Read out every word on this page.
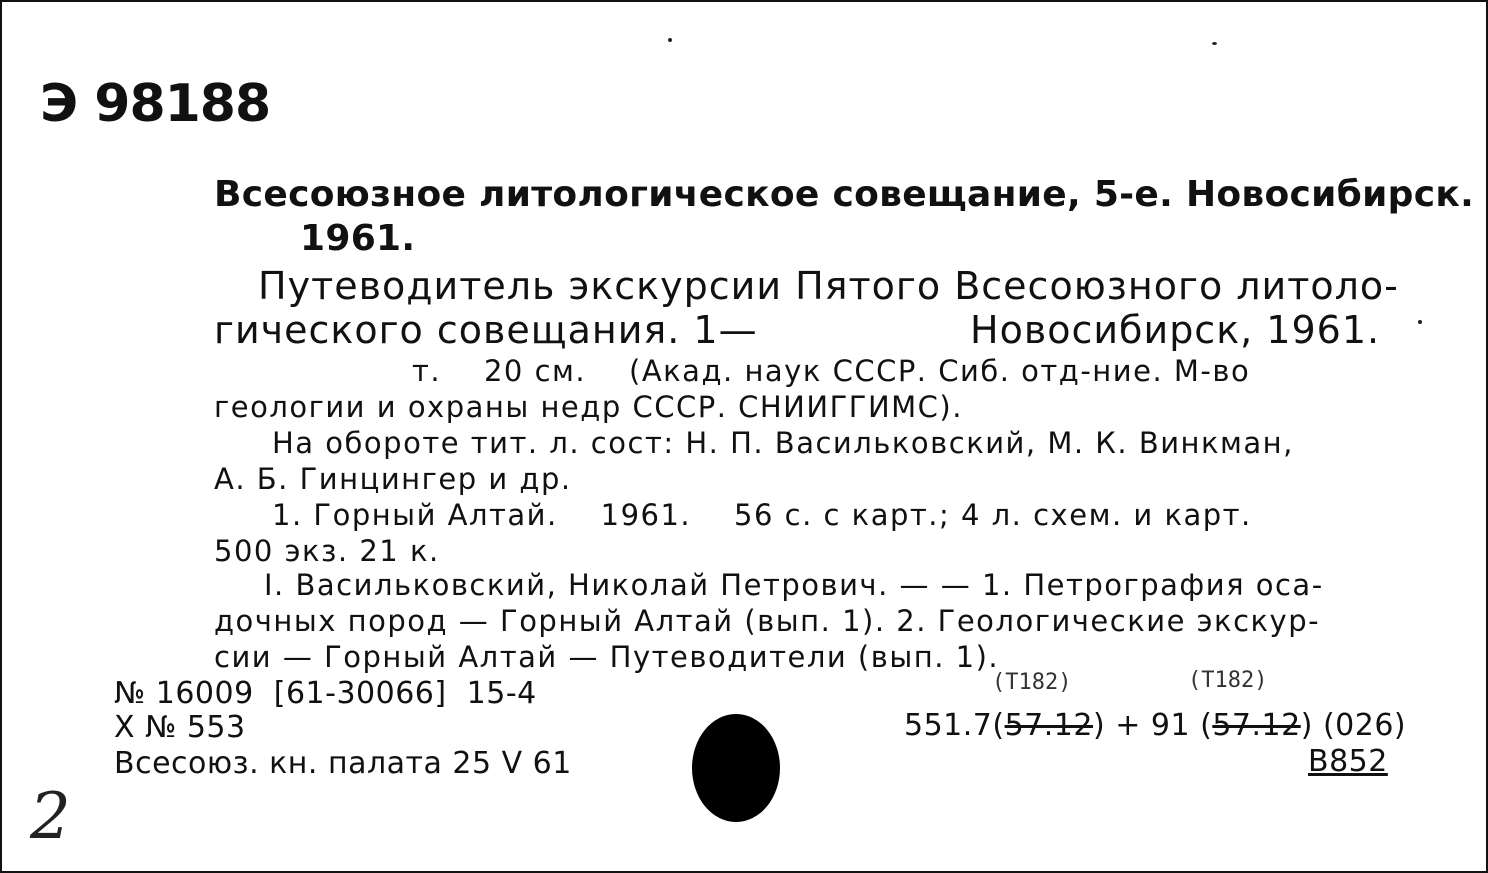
Э 98188
Всесоюзное литологическое совещание, 5-е. Новосибирск.
1961.
Путеводитель экскурсии Пятого Всесоюзного литоло-
гического совещания. 1—	Новосибирск, 1961.
т.    20 см.    (Акад. наук СССР. Сиб. отд-ние. М-во
геологии и охраны недр СССР. СНИИГГИМС).
На обороте тит. л. сост: Н. П. Васильковский, М. К. Винкман,
А. Б. Гинцингер и др.
1. Горный Алтай.    1961.    56 с. с карт.; 4 л. схем. и карт.
500 экз. 21 к.
I. Васильковский, Николай Петрович. — — 1. Петрография оса-
дочных пород — Горный Алтай (вып. 1). 2. Геологические экскур-
сии — Горный Алтай — Путеводители (вып. 1).
№ 16009  [61-30066]  15-4
X № 553
Всесоюз. кн. палата 25 V 61
551.7(57.12) + 91 (57.12) (026)
В852
(Т182)	(Т182)
2
